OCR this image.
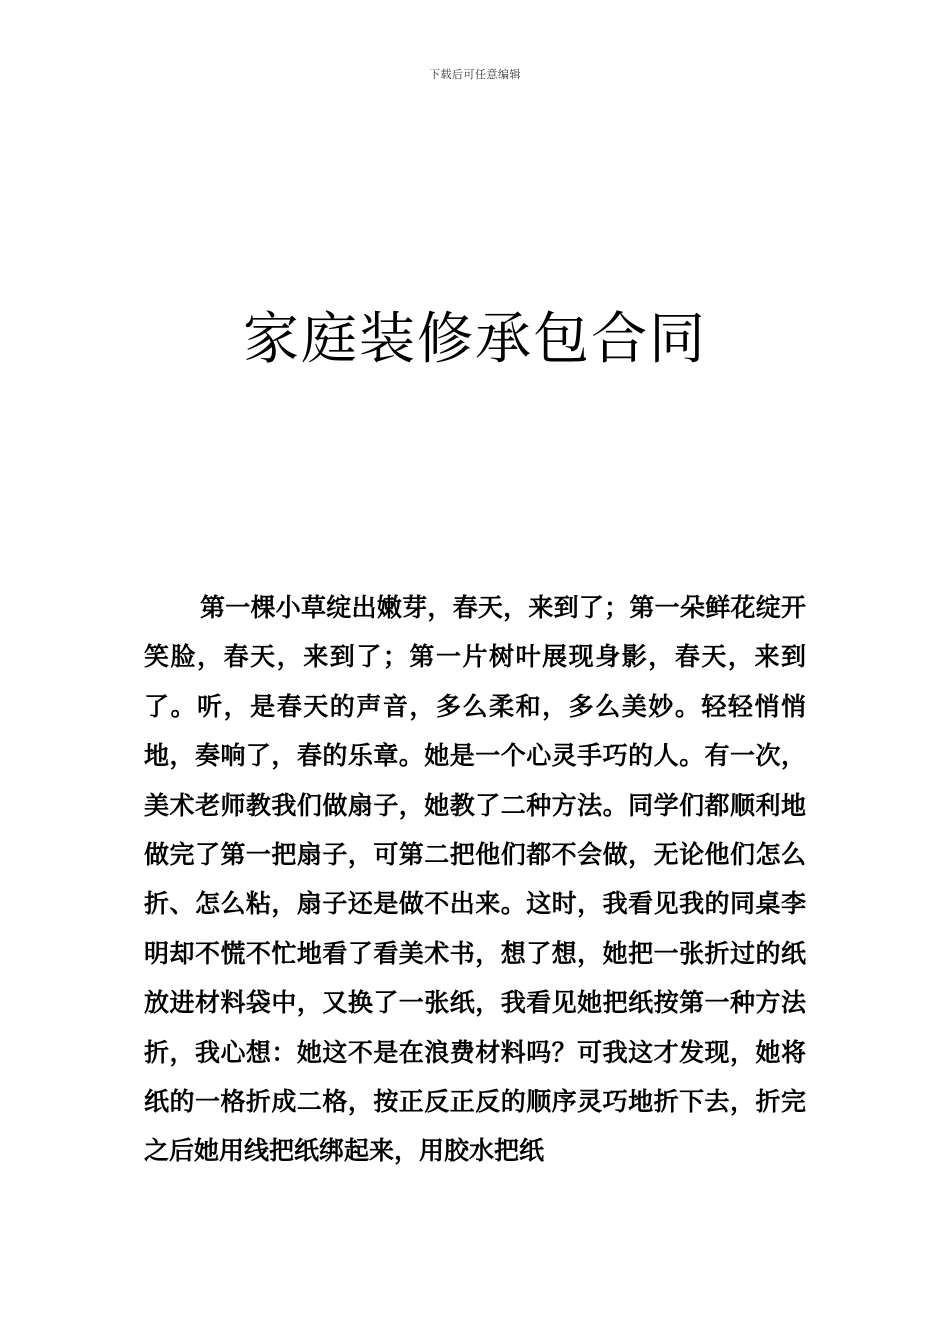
下载后可任意编辑
家庭装修承包合同

第一棵小草绽出嫩芽，春天，来到了；第一朵鲜花绽开笑脸，春天，来到了；第一片树叶展现身影，春天，来到了。听，是春天的声音，多么柔和，多么美妙。轻轻悄悄地，奏响了，春的乐章。她是一个心灵手巧的人。有一次，美术老师教我们做扇子，她教了二种方法。同学们都顺利地做完了第一把扇子，可第二把他们都不会做，无论他们怎么折、怎么粘，扇子还是做不出来。这时，我看见我的同桌李明却不慌不忙地看了看美术书，想了想，她把一张折过的纸放进材料袋中，又换了一张纸，我看见她把纸按第一种方法折，我心想：她这不是在浪费材料吗？可我这才发现，她将纸的一格折成二格，按正反正反的顺序灵巧地折下去，折完之后她用线把纸绑起来，用胶水把纸
